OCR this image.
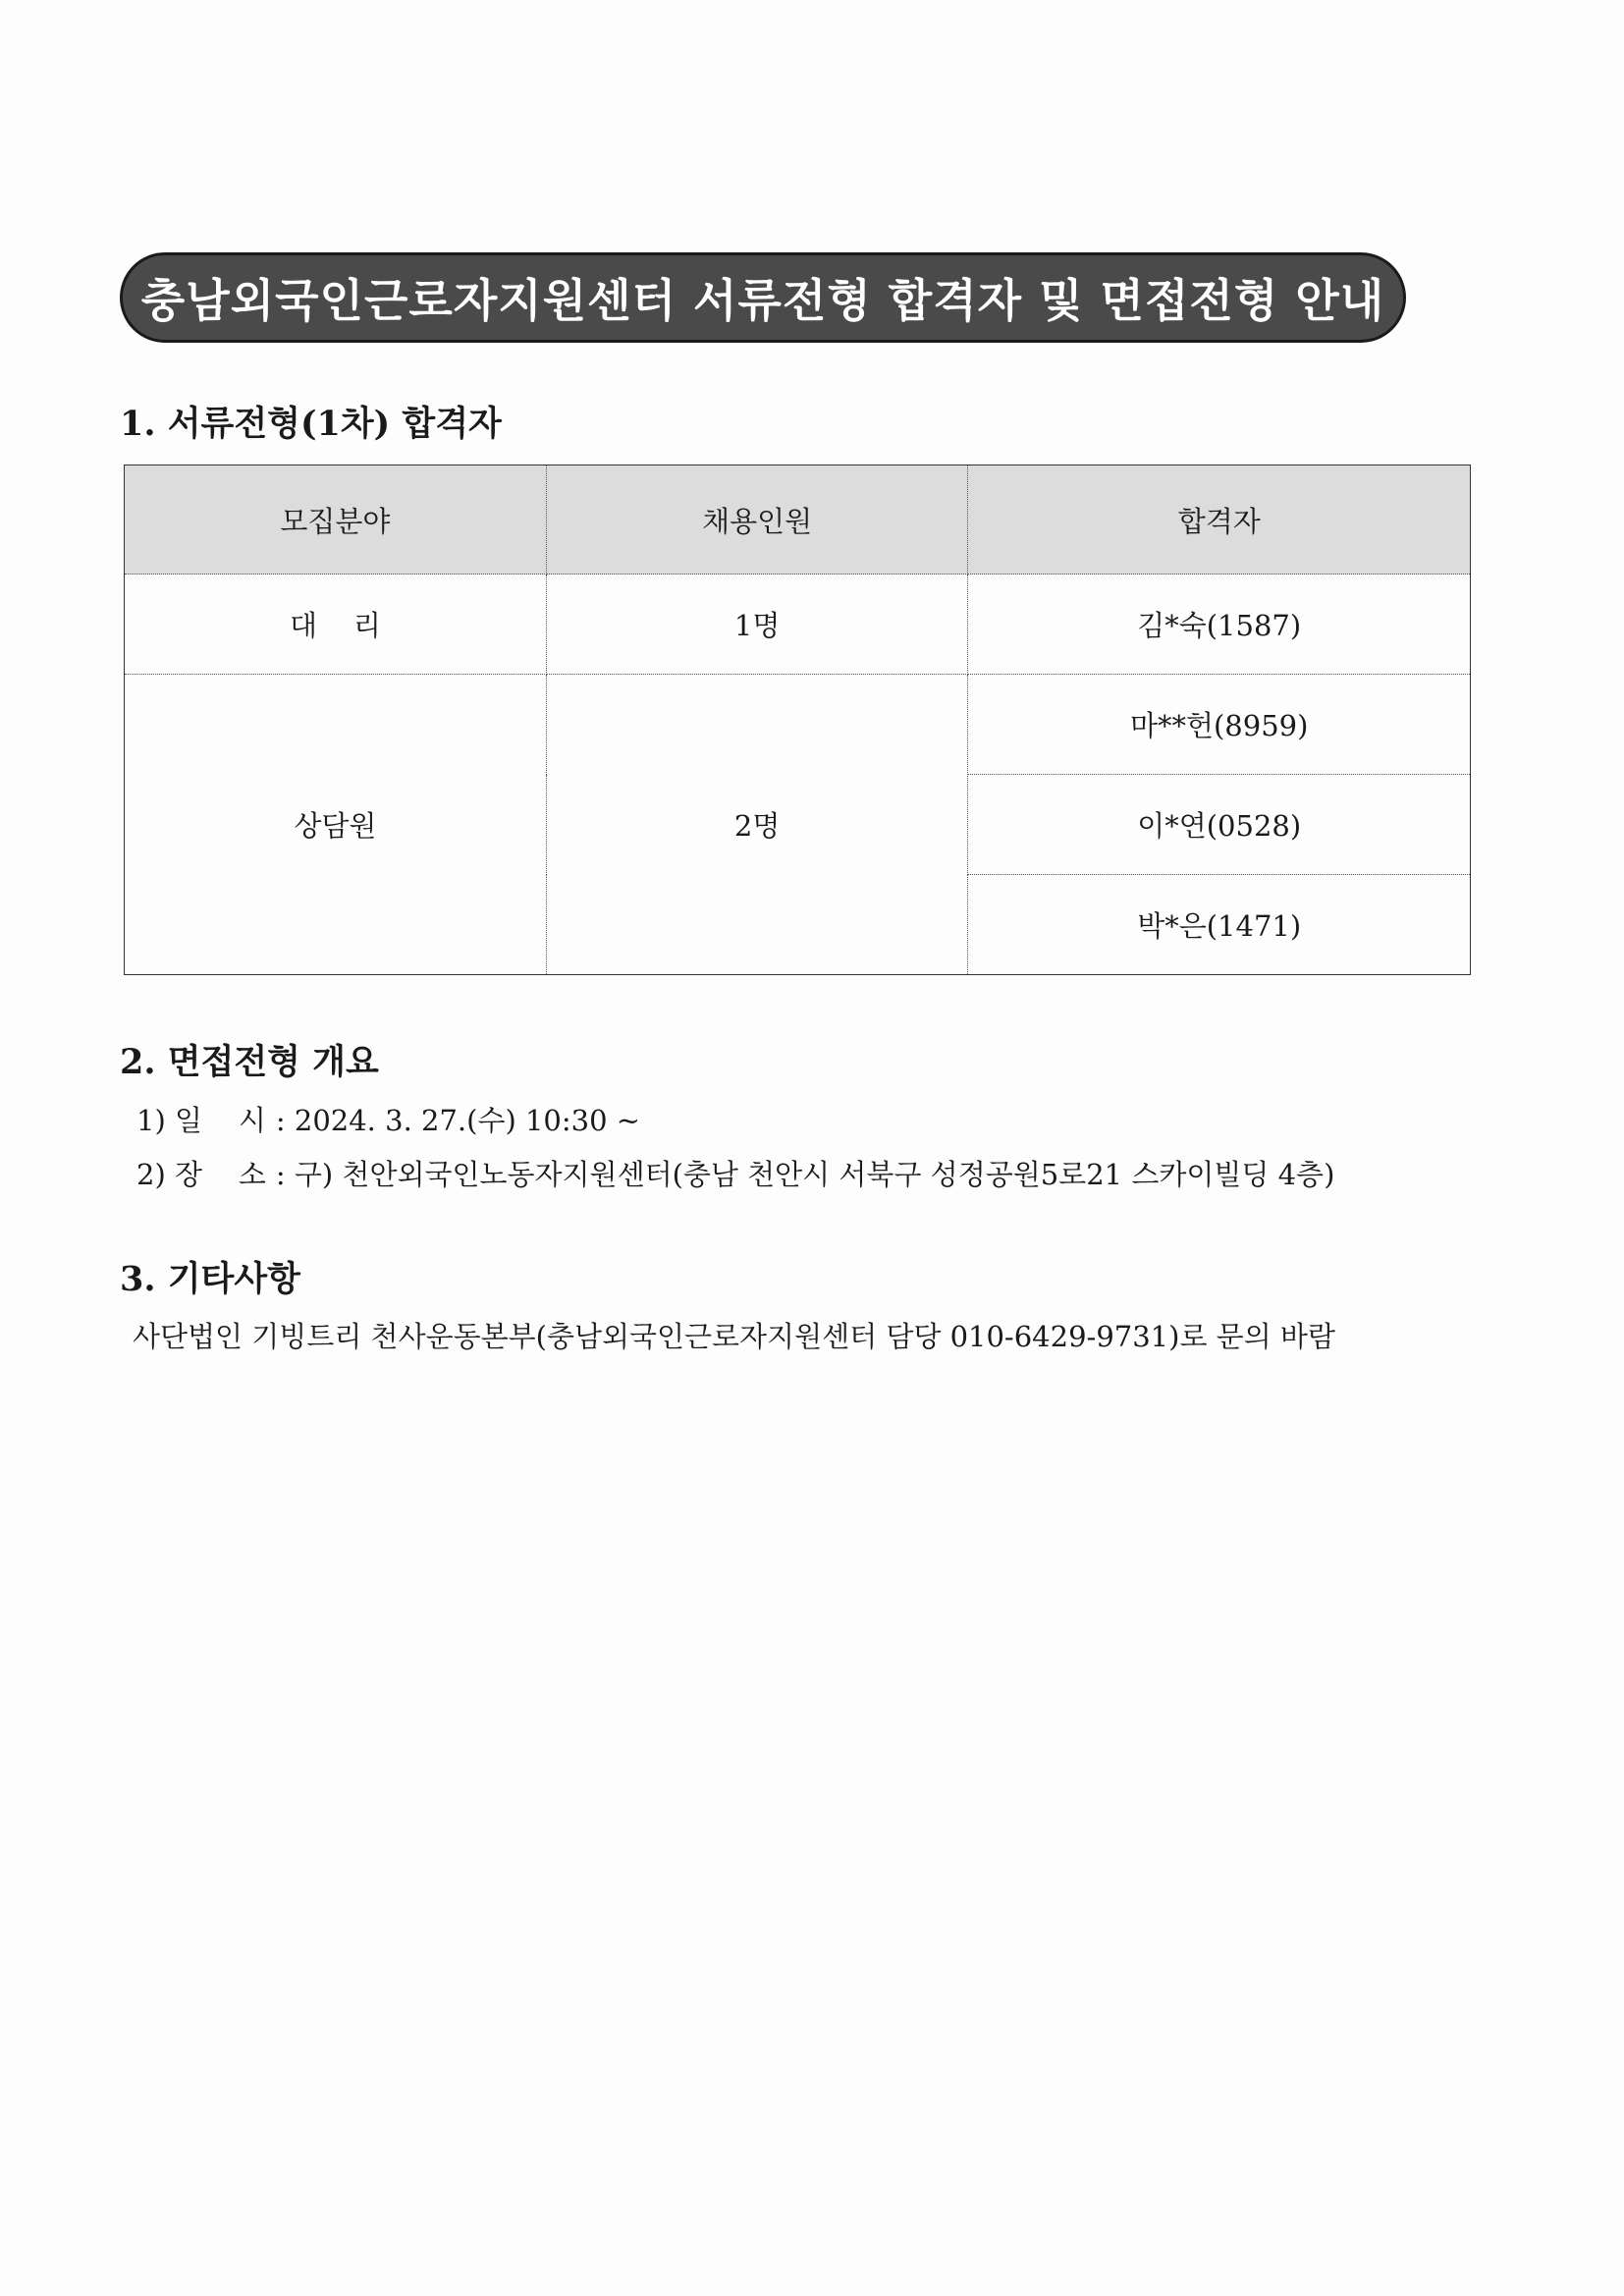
충남외국인근로자지원센터 서류전형 합격자 및 면접전형 안내
1. 서류전형(1차) 합격자
모집분야	채용인원	합격자
대    리	1명	김*숙(1587)
상담원	2명	마**헌(8959)
		이*연(0528)
		박*은(1471)
2. 면접전형 개요
1) 일    시 : 2024. 3. 27.(수) 10:30 ~
2) 장    소 : 구) 천안외국인노동자지원센터(충남 천안시 서북구 성정공원5로21 스카이빌딩 4층)
3. 기타사항
사단법인 기빙트리 천사운동본부(충남외국인근로자지원센터 담당 010-6429-9731)로 문의 바람
